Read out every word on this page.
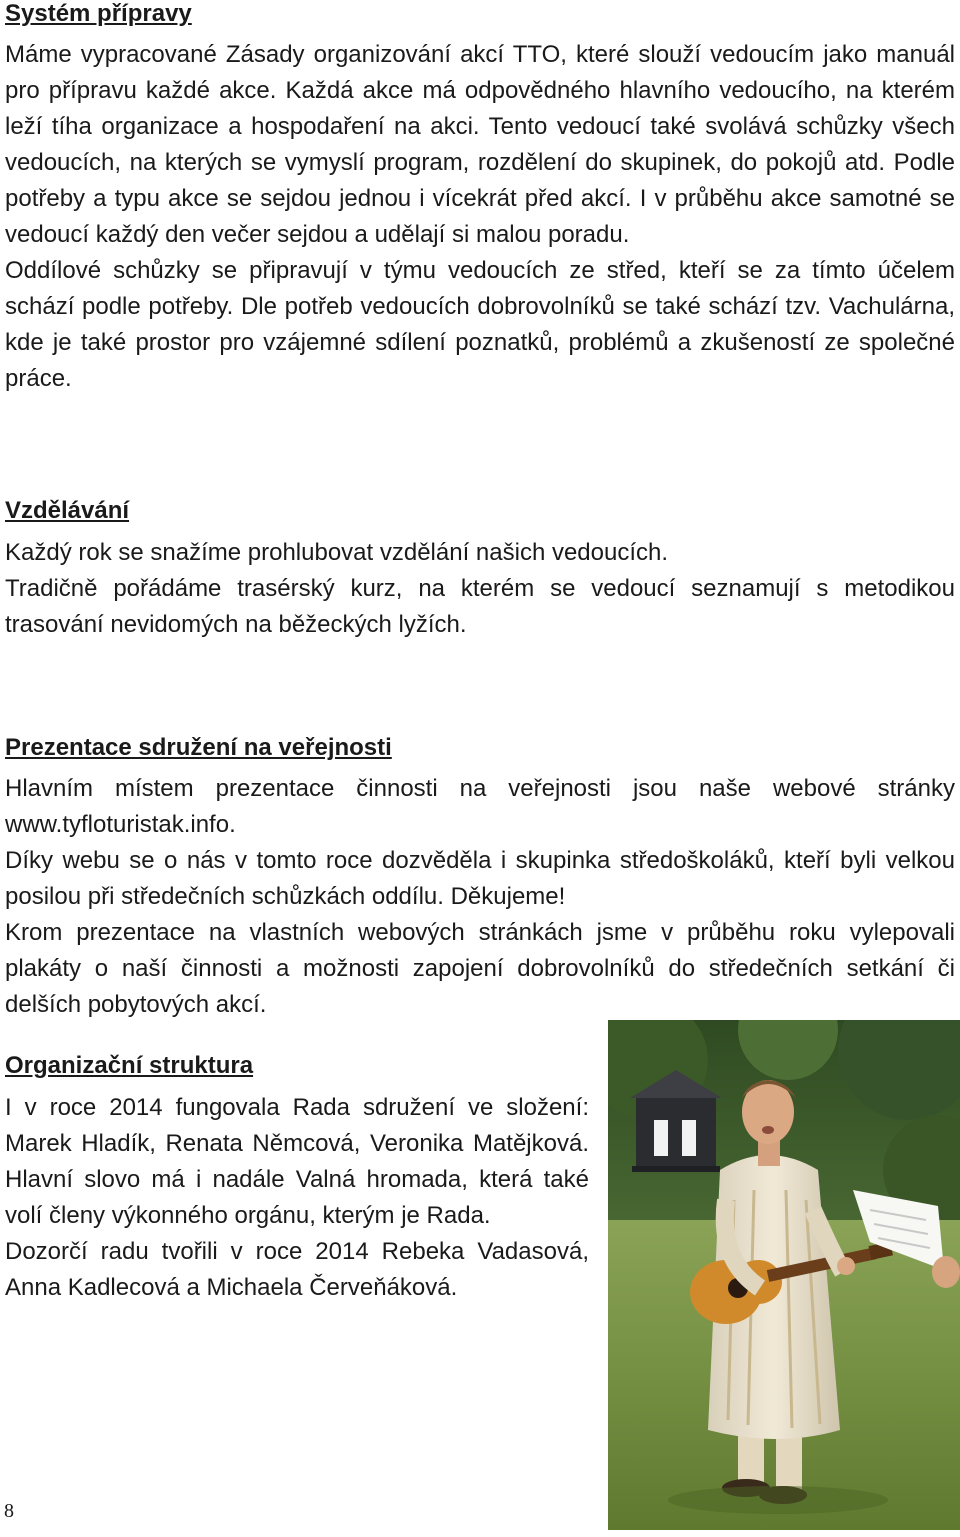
Systém přípravy

Máme vypracované Zásady organizování akcí TTO, které slouží vedoucím jako manuál pro přípravu každé akce. Každá akce má odpovědného hlavního vedoucího, na kterém leží tíha organizace a hospodaření na akci. Tento vedoucí také svolává schůzky všech vedoucích, na kterých se vymyslí program, rozdělení do skupinek, do pokojů atd. Podle potřeby a typu akce se sejdou jednou i vícekrát před akcí. I v průběhu akce samotné se vedoucí každý den večer sejdou a udělají si malou poradu.

Oddílové schůzky se připravují v týmu vedoucích ze střed, kteří se za tímto účelem schází podle potřeby. Dle potřeb vedoucích dobrovolníků se také schází tzv. Vachulárna, kde je také prostor pro vzájemné sdílení poznatků, problémů a zkušeností ze společné práce.

Vzdělávání

Každý rok se snažíme prohlubovat vzdělání našich vedoucích.

Tradičně pořádáme trasérský kurz, na kterém se vedoucí seznamují s metodikou trasování nevidomých na běžeckých lyžích.

Prezentace sdružení na veřejnosti

Hlavním místem prezentace činnosti na veřejnosti jsou naše webové stránky www.tyfloturistak.info.

Díky webu se o nás v tomto roce dozvěděla i skupinka středoškoláků, kteří byli velkou posilou při středečních schůzkách oddílu. Děkujeme!

Krom prezentace na vlastních webových stránkách jsme v průběhu roku vylepovali plakáty o naší činnosti a možnosti zapojení dobrovolníků do středečních setkání či delších pobytových akcí.

Organizační struktura

I v roce 2014 fungovala Rada sdružení ve složení: Marek Hladík, Renata Němcová, Veronika Matějková. Hlavní slovo má i nadále Valná hromada, která také volí členy výkonného orgánu, kterým je Rada.

Dozorčí radu tvořili v roce 2014 Rebeka Vadasová, Anna Kadlecová a Michaela Červeňáková.

8
